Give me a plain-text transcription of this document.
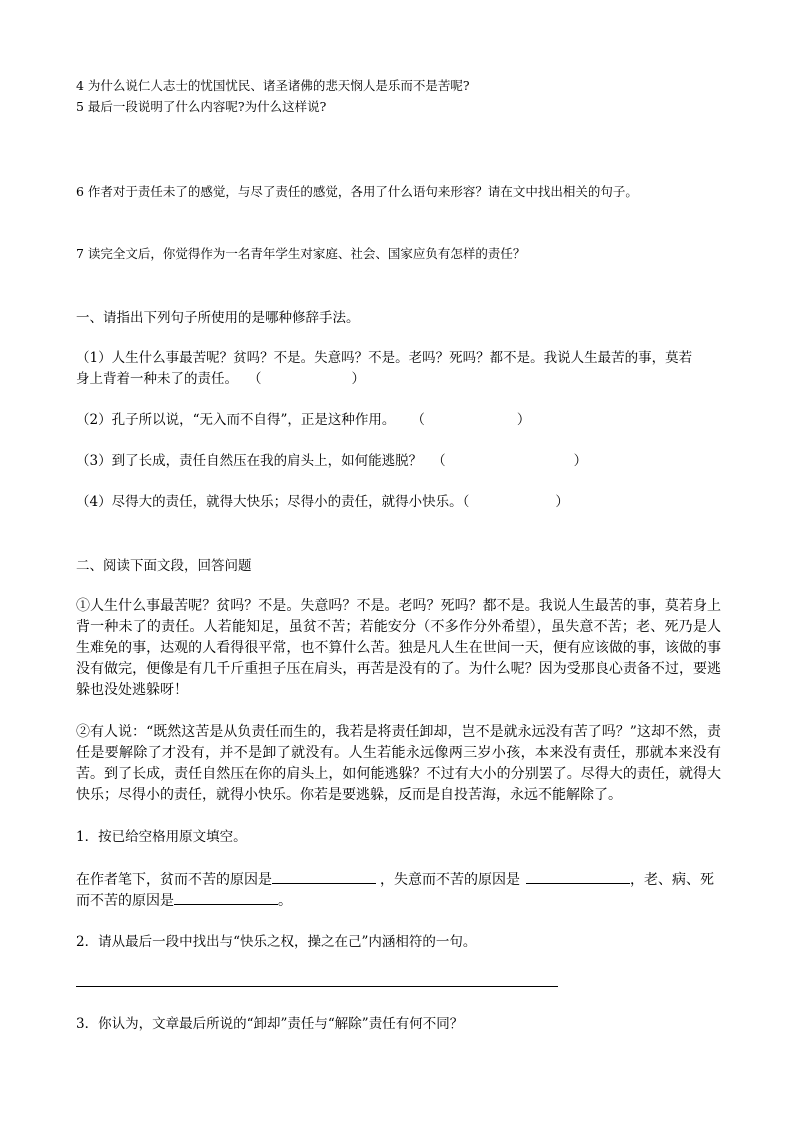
4 为什么说仁人志士的忧国忧民、诸圣诸佛的悲天悯人是乐而不是苦呢?
5 最后一段说明了什么内容呢?为什么这样说?
6 作者对于责任未了的感觉，与尽了责任的感觉，各用了什么语句来形容？请在文中找出相关的句子。
7 读完全文后，你觉得作为一名青年学生对家庭、社会、国家应负有怎样的责任？
一、请指出下列句子所使用的是哪种修辞手法。
（1）人生什么事最苦呢？贫吗？不是。失意吗？不是。老吗？死吗？都不是。我说人生最苦的事，莫若
身上背着一种未了的责任。 （	）
（2）孔子所以说，“无入而不自得”，正是这种作用。 （	）
（3）到了长成，责任自然压在我的肩头上，如何能逃脱？ （	）
（4）尽得大的责任，就得大快乐；尽得小的责任，就得小快乐。（	）
二、阅读下面文段，回答问题
①人生什么事最苦呢？贫吗？不是。失意吗？不是。老吗？死吗？都不是。我说人生最苦的事，莫若身上背一种未了的责任。人若能知足，虽贫不苦；若能安分（不多作分外希望），虽失意不苦；老、死乃是人生难免的事，达观的人看得很平常，也不算什么苦。独是凡人生在世间一天，便有应该做的事，该做的事没有做完，便像是有几千斤重担子压在肩头，再苦是没有的了。为什么呢？因为受那良心责备不过，要逃躲也没处逃躲呀！
②有人说：“既然这苦是从负责任而生的，我若是将责任卸却，岂不是就永远没有苦了吗？”这却不然，责任是要解除了才没有，并不是卸了就没有。人生若能永远像两三岁小孩，本来没有责任，那就本来没有苦。到了长成，责任自然压在你的肩头上，如何能逃躲？不过有大小的分别罢了。尽得大的责任，就得大快乐；尽得小的责任，就得小快乐。你若是要逃躲，反而是自投苦海，永远不能解除了。
1．按已给空格用原文填空。
在作者笔下，贫而不苦的原因是	，失意而不苦的原因是	，老、病、死
而不苦的原因是	。
2．请从最后一段中找出与“快乐之权，操之在己”内涵相符的一句。
3．你认为，文章最后所说的“卸却”责任与“解除”责任有何不同？
